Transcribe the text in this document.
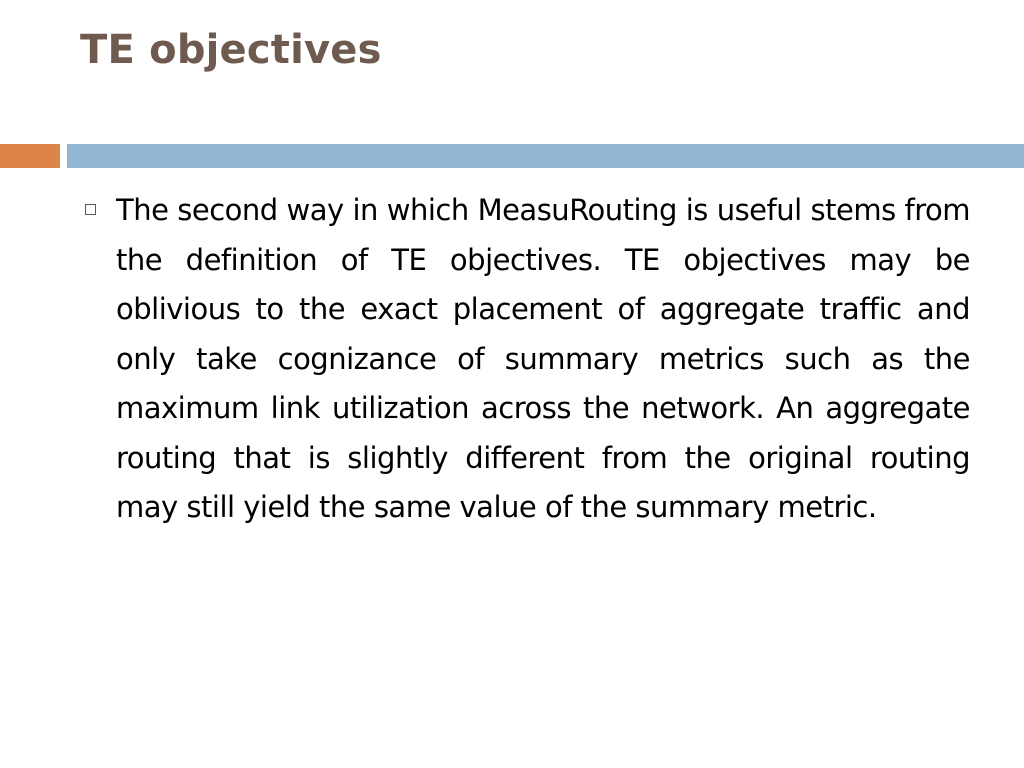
TE objectives

The second way in which MeasuRouting is useful stems from the definition of TE objectives. TE objectives may be oblivious to the exact placement of aggregate traffic and only take cognizance of summary metrics such as the maximum link utilization across the network. An aggregate routing that is slightly different from the original routing may still yield the same value of the summary metric.
